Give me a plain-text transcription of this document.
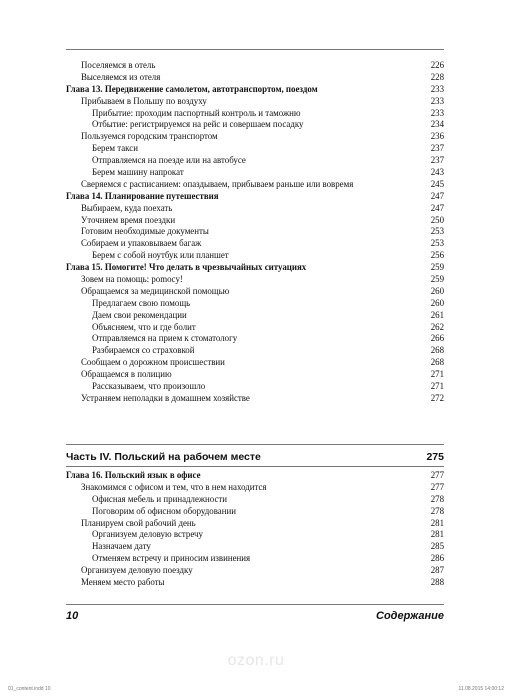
Поселяемся в отель	226
Выселяемся из отеля	228
Глава 13. Передвижение самолетом, автотранспортом, поездом	233
Прибываем в Польшу по воздуху	233
Прибытие: проходим паспортный контроль и таможню	233
Отбытие: регистрируемся на рейс и совершаем посадку	234
Пользуемся городским транспортом	236
Берем такси	237
Отправляемся на поезде или на автобусе	237
Берем машину напрокат	243
Сверяемся с расписанием: опаздываем, прибываем раньше или вовремя	245
Глава 14. Планирование путешествия	247
Выбираем, куда поехать	247
Уточняем время поездки	250
Готовим необходимые документы	253
Собираем и упаковываем багаж	253
Берем с собой ноутбук или планшет	256
Глава 15. Помогите! Что делать в чрезвычайных ситуациях	259
Зовем на помощь: pomocy!	259
Обращаемся за медицинской помощью	260
Предлагаем свою помощь	260
Даем свои рекомендации	261
Объясняем, что и где болит	262
Отправляемся на прием к стоматологу	266
Разбираемся со страховкой	268
Сообщаем о дорожном происшествии	268
Обращаемся в полицию	271
Рассказываем, что произошло	271
Устраняем неполадки в домашнем хозяйстве	272
Часть IV. Польский на рабочем месте	275
Глава 16. Польский язык в офисе	277
Знакомимся с офисом и тем, что в нем находится	277
Офисная мебель и принадлежности	278
Поговорим об офисном оборудовании	278
Планируем свой рабочий день	281
Организуем деловую встречу	281
Назначаем дату	285
Отменяем встречу и приносим извинения	286
Организуем деловую поездку	287
Меняем место работы	288
10	Содержание
ozon.ru
01_content.indd 10	11.08.2015 14:00:12
